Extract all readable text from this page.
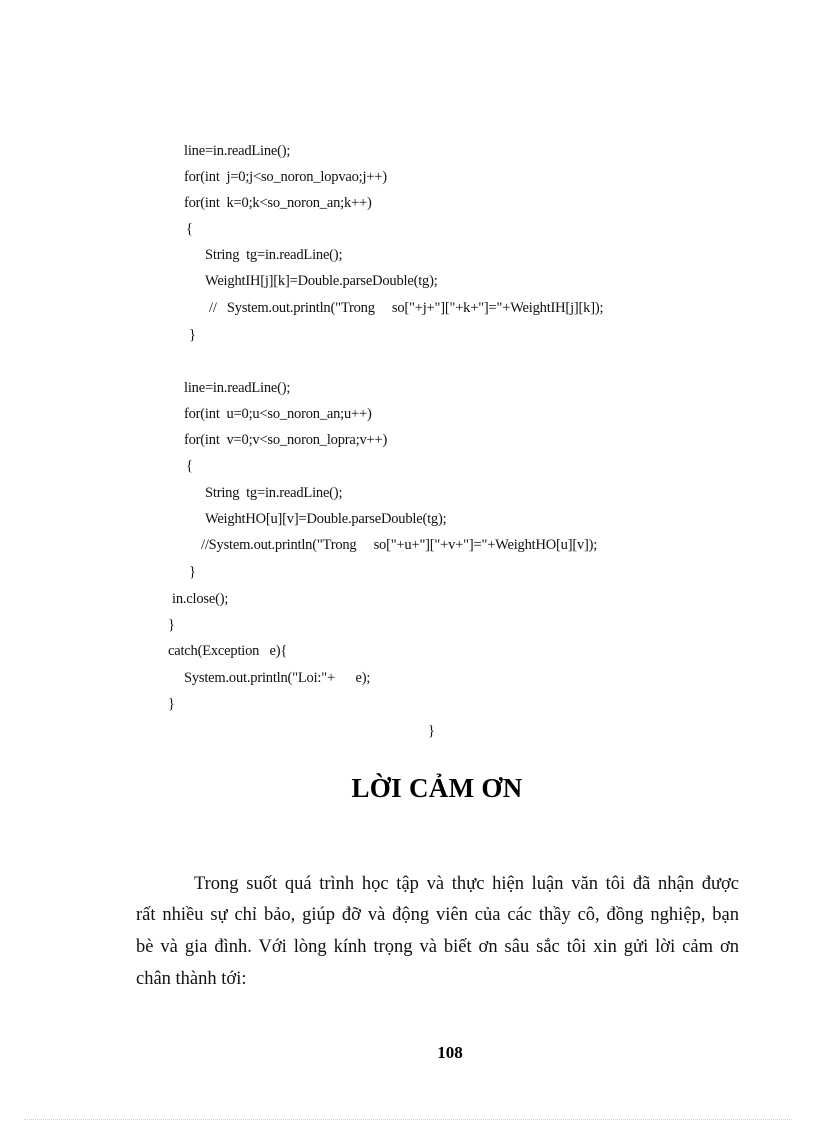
line=in.readLine();
for(int  j=0;j<so_noron_lopvao;j++)
for(int  k=0;k<so_noron_an;k++)
{
String  tg=in.readLine();
WeightIH[j][k]=Double.parseDouble(tg);
//   System.out.println("Trong     so["+j+"]["+k+"]="+WeightIH[j][k]);
}
line=in.readLine();
for(int  u=0;u<so_noron_an;u++)
for(int  v=0;v<so_noron_lopra;v++)
{
String  tg=in.readLine();
WeightHO[u][v]=Double.parseDouble(tg);
//System.out.println("Trong     so["+u+"]["+v+"]="+WeightHO[u][v]);
}
in.close();
}
catch(Exception   e){
System.out.println("Loi:"+      e);
}
}
LỜI CẢM ƠN
Trong suốt quá trình học tập và thực hiện luận văn tôi đã nhận được
rất nhiều sự chỉ bảo, giúp đỡ và động viên của các thầy cô, đồng nghiệp, bạn
bè và gia đình. Với lòng kính trọng và biết ơn sâu sắc tôi xin gửi lời cảm ơn
chân thành tới:
108
